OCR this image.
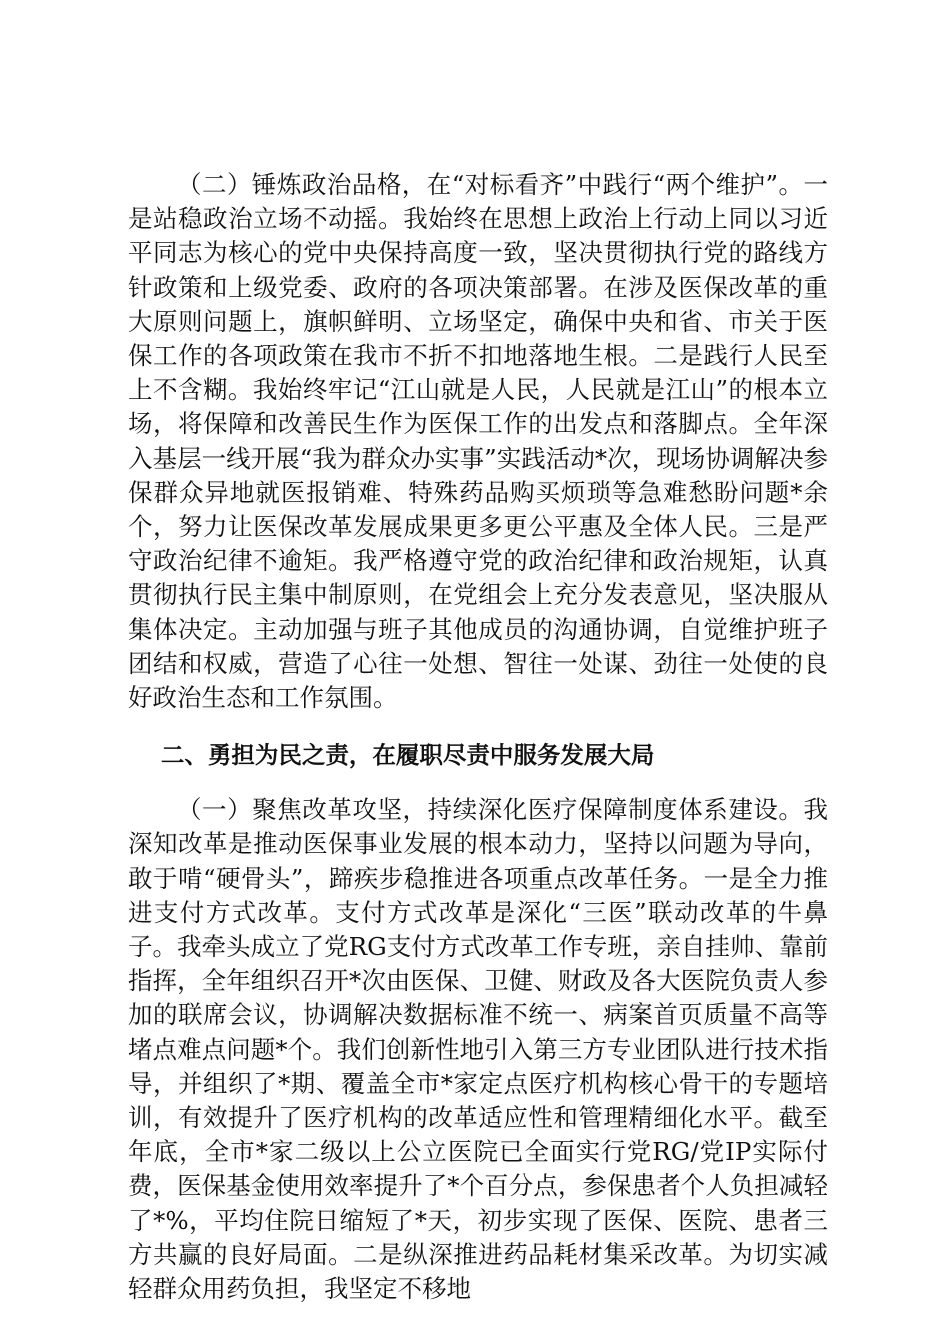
（二）锤炼政治品格，在“对标看齐”中践行“两个维护”。一是站稳政治立场不动摇。我始终在思想上政治上行动上同以习近平同志为核心的党中央保持高度一致，坚决贯彻执行党的路线方针政策和上级党委、政府的各项决策部署。在涉及医保改革的重大原则问题上，旗帜鲜明、立场坚定，确保中央和省、市关于医保工作的各项政策在我市不折不扣地落地生根。二是践行人民至上不含糊。我始终牢记“江山就是人民，人民就是江山”的根本立场，将保障和改善民生作为医保工作的出发点和落脚点。全年深入基层一线开展“我为群众办实事”实践活动*次，现场协调解决参保群众异地就医报销难、特殊药品购买烦琐等急难愁盼问题*余个，努力让医保改革发展成果更多更公平惠及全体人民。三是严守政治纪律不逾矩。我严格遵守党的政治纪律和政治规矩，认真贯彻执行民主集中制原则，在党组会上充分发表意见，坚决服从集体决定。主动加强与班子其他成员的沟通协调，自觉维护班子团结和权威，营造了心往一处想、智往一处谋、劲往一处使的良好政治生态和工作氛围。

二、勇担为民之责，在履职尽责中服务发展大局

（一）聚焦改革攻坚，持续深化医疗保障制度体系建设。我深知改革是推动医保事业发展的根本动力，坚持以问题为导向，敢于啃“硬骨头”，蹄疾步稳推进各项重点改革任务。一是全力推进支付方式改革。支付方式改革是深化“三医”联动改革的牛鼻子。我牵头成立了党RG支付方式改革工作专班，亲自挂帅、靠前指挥，全年组织召开*次由医保、卫健、财政及各大医院负责人参加的联席会议，协调解决数据标准不统一、病案首页质量不高等堵点难点问题*个。我们创新性地引入第三方专业团队进行技术指导，并组织了*期、覆盖全市*家定点医疗机构核心骨干的专题培训，有效提升了医疗机构的改革适应性和管理精细化水平。截至年底，全市*家二级以上公立医院已全面实行党RG/党IP实际付费，医保基金使用效率提升了*个百分点，参保患者个人负担减轻了*%，平均住院日缩短了*天，初步实现了医保、医院、患者三方共赢的良好局面。二是纵深推进药品耗材集采改革。为切实减轻群众用药负担，我坚定不移地
